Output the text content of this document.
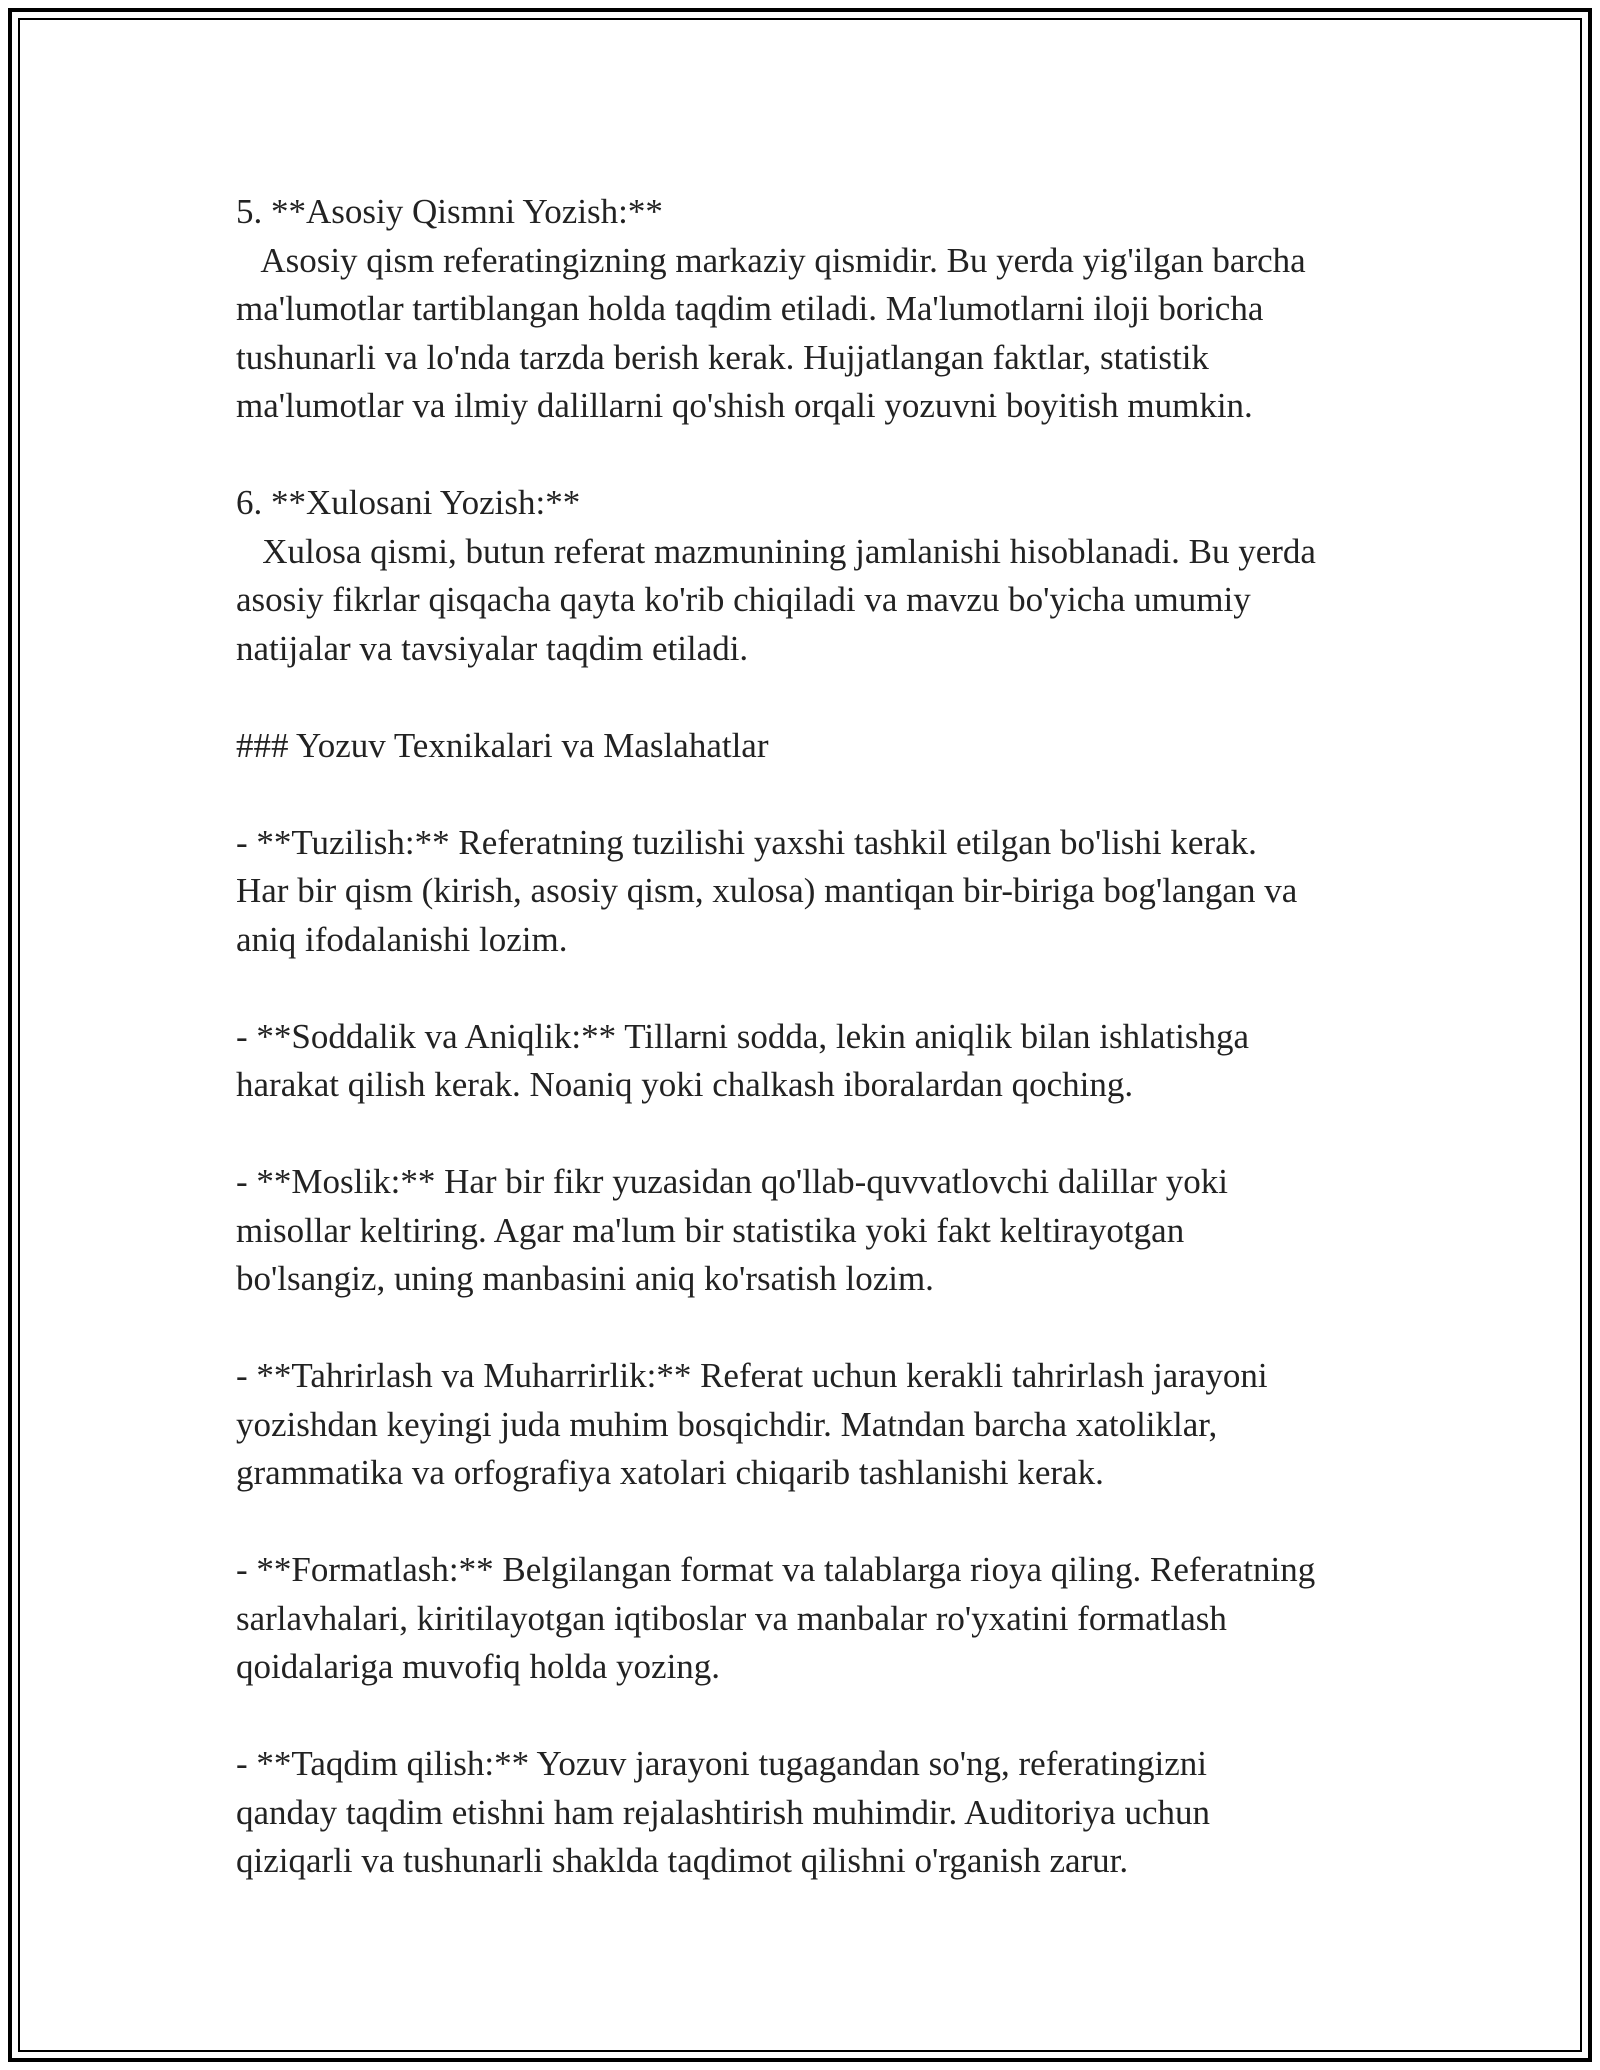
5. **Asosiy Qismni Yozish:**

Asosiy qism referatingizning markaziy qismidir. Bu yerda yig'ilgan barcha

ma'lumotlar tartiblangan holda taqdim etiladi. Ma'lumotlarni iloji boricha

tushunarli va lo'nda tarzda berish kerak. Hujjatlangan faktlar, statistik

ma'lumotlar va ilmiy dalillarni qo'shish orqali yozuvni boyitish mumkin.

6. **Xulosani Yozish:**

Xulosa qismi, butun referat mazmunining jamlanishi hisoblanadi. Bu yerda

asosiy fikrlar qisqacha qayta ko'rib chiqiladi va mavzu bo'yicha umumiy

natijalar va tavsiyalar taqdim etiladi.

### Yozuv Texnikalari va Maslahatlar

- **Tuzilish:** Referatning tuzilishi yaxshi tashkil etilgan bo'lishi kerak.

Har bir qism (kirish, asosiy qism, xulosa) mantiqan bir-biriga bog'langan va

aniq ifodalanishi lozim.

- **Soddalik va Aniqlik:** Tillarni sodda, lekin aniqlik bilan ishlatishga

harakat qilish kerak. Noaniq yoki chalkash iboralardan qoching.

- **Moslik:** Har bir fikr yuzasidan qo'llab-quvvatlovchi dalillar yoki

misollar keltiring. Agar ma'lum bir statistika yoki fakt keltirayotgan

bo'lsangiz, uning manbasini aniq ko'rsatish lozim.

- **Tahrirlash va Muharrirlik:** Referat uchun kerakli tahrirlash jarayoni

yozishdan keyingi juda muhim bosqichdir. Matndan barcha xatoliklar,

grammatika va orfografiya xatolari chiqarib tashlanishi kerak.

- **Formatlash:** Belgilangan format va talablarga rioya qiling. Referatning

sarlavhalari, kiritilayotgan iqtiboslar va manbalar ro'yxatini formatlash

qoidalariga muvofiq holda yozing.

- **Taqdim qilish:** Yozuv jarayoni tugagandan so'ng, referatingizni

qanday taqdim etishni ham rejalashtirish muhimdir. Auditoriya uchun

qiziqarli va tushunarli shaklda taqdimot qilishni o'rganish zarur.
